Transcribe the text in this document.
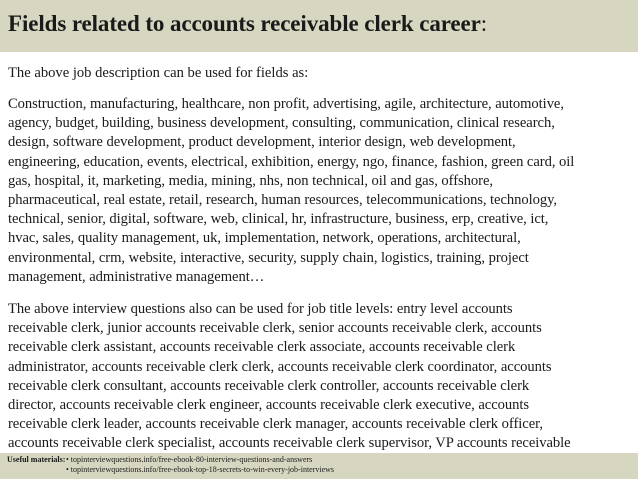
Fields related to accounts receivable clerk career:
The above job description can be used for fields as:
Construction, manufacturing, healthcare, non profit, advertising, agile, architecture, automotive,
agency, budget, building, business development, consulting, communication, clinical research,
design, software development, product development, interior design, web development,
engineering, education, events, electrical, exhibition, energy, ngo, finance, fashion, green card, oil
gas, hospital, it, marketing, media, mining, nhs, non technical, oil and gas, offshore,
pharmaceutical, real estate, retail, research, human resources, telecommunications, technology,
technical, senior, digital, software, web, clinical, hr, infrastructure, business, erp, creative, ict,
hvac, sales, quality management, uk, implementation, network, operations, architectural,
environmental, crm, website, interactive, security, supply chain, logistics, training, project
management, administrative management…
The above interview questions also can be used for job title levels: entry level accounts
receivable clerk, junior accounts receivable clerk, senior accounts receivable clerk, accounts
receivable clerk assistant, accounts receivable clerk associate, accounts receivable clerk
administrator, accounts receivable clerk clerk, accounts receivable clerk coordinator, accounts
receivable clerk consultant, accounts receivable clerk controller, accounts receivable clerk
director, accounts receivable clerk engineer, accounts receivable clerk executive, accounts
receivable clerk leader, accounts receivable clerk manager, accounts receivable clerk officer,
accounts receivable clerk specialist, accounts receivable clerk supervisor, VP accounts receivable
Useful materials: • topinterviewquestions.info/free-ebook-80-interview-questions-and-answers
• topinterviewquestions.info/free-ebook-top-18-secrets-to-win-every-job-interviews
